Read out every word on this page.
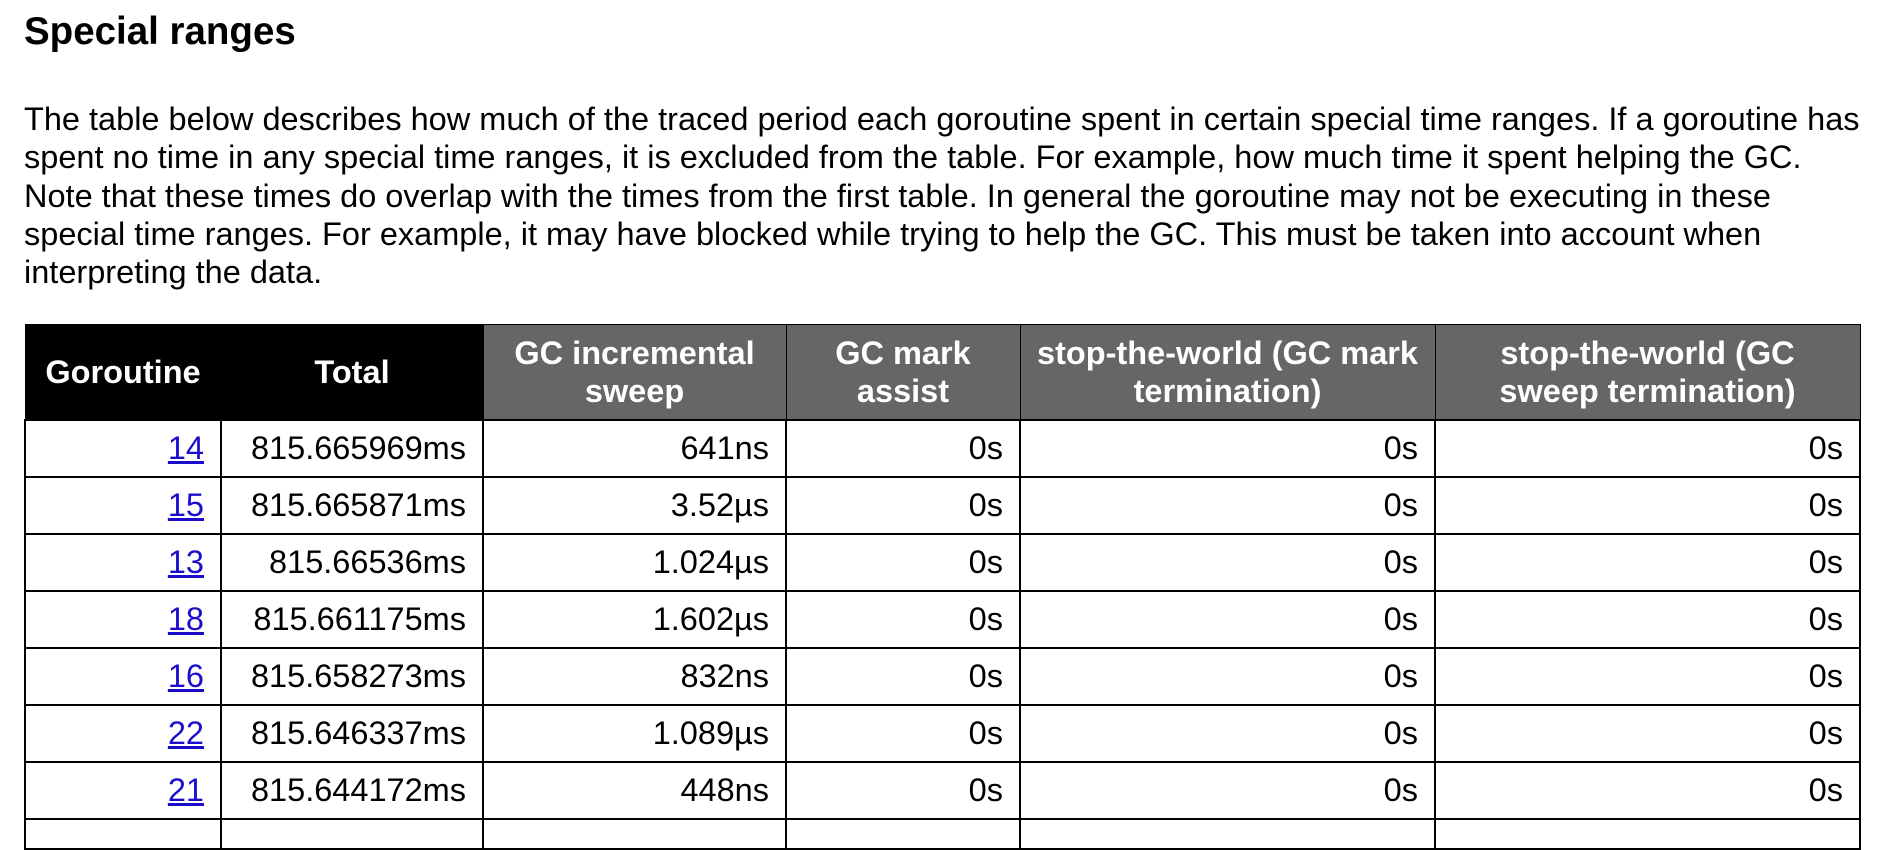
Special ranges

The table below describes how much of the traced period each goroutine spent in certain special time ranges. If a goroutine has spent no time in any special time ranges, it is excluded from the table. For example, how much time it spent helping the GC. Note that these times do overlap with the times from the first table. In general the goroutine may not be executing in these special time ranges. For example, it may have blocked while trying to help the GC. This must be taken into account when interpreting the data.

Goroutine	Total	GC incremental sweep	GC mark assist	stop-the-world (GC mark termination)	stop-the-world (GC sweep termination)
14	815.665969ms	641ns	0s	0s	0s
15	815.665871ms	3.52µs	0s	0s	0s
13	815.66536ms	1.024µs	0s	0s	0s
18	815.661175ms	1.602µs	0s	0s	0s
16	815.658273ms	832ns	0s	0s	0s
22	815.646337ms	1.089µs	0s	0s	0s
21	815.644172ms	448ns	0s	0s	0s
